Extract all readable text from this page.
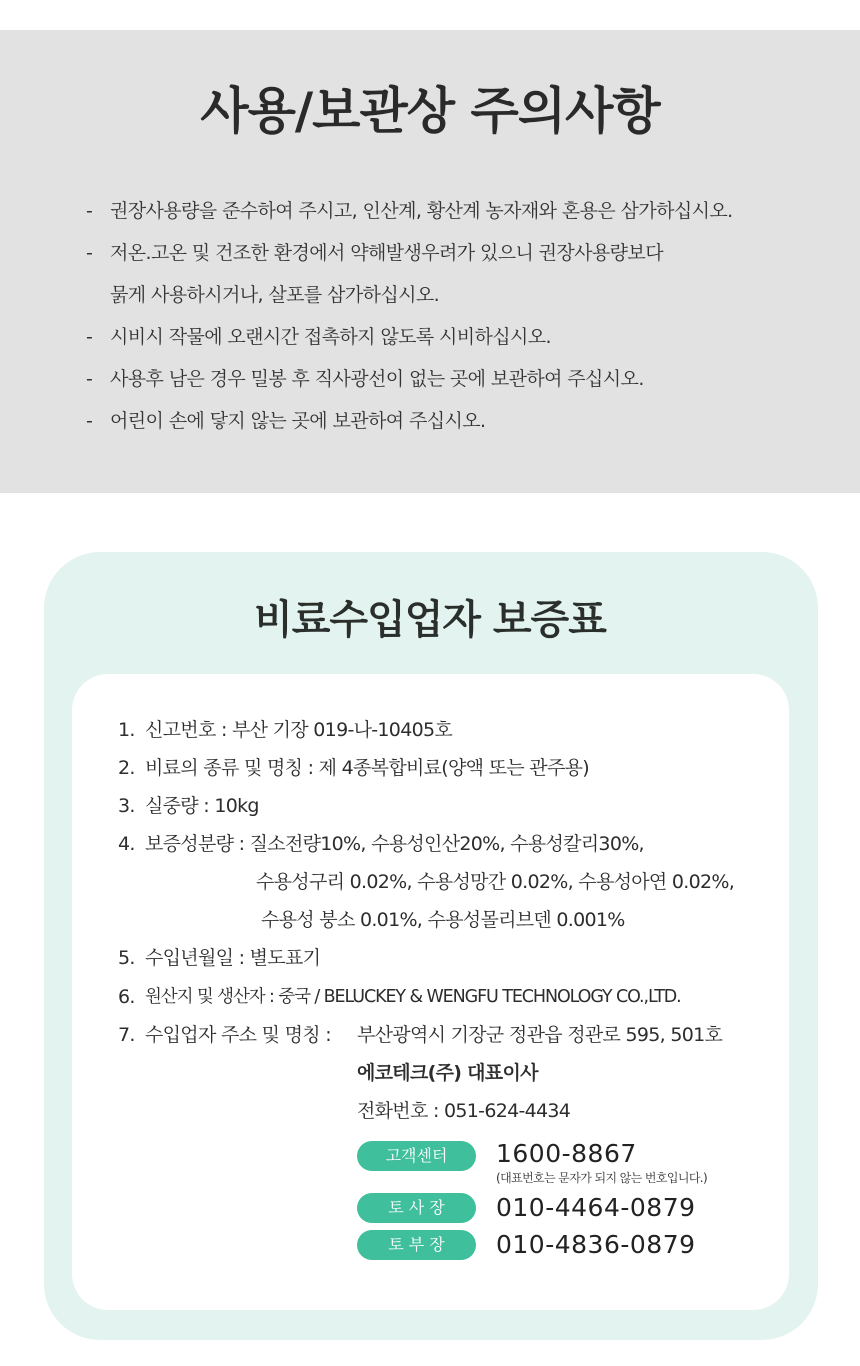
사용/보관상 주의사항
- 권장사용량을 준수하여 주시고, 인산계, 황산계 농자재와 혼용은 삼가하십시오.
- 저온.고온 및 건조한 환경에서 약해발생우려가 있으니 권장사용량보다
묽게 사용하시거나, 살포를 삼가하십시오.
- 시비시 작물에 오랜시간 접촉하지 않도록 시비하십시오.
- 사용후 남은 경우 밀봉 후 직사광선이 없는 곳에 보관하여 주십시오.
- 어린이 손에 닿지 않는 곳에 보관하여 주십시오.
비료수입업자 보증표
1. 신고번호 : 부산 기장 019-나-10405호
2. 비료의 종류 및 명칭 : 제 4종복합비료(양액 또는 관주용)
3. 실중량 : 10kg
4. 보증성분량 : 질소전량10%, 수용성인산20%, 수용성칼리30%,
수용성구리 0.02%, 수용성망간 0.02%, 수용성아연 0.02%,
수용성 붕소 0.01%, 수용성몰리브덴 0.001%
5. 수입년월일 : 별도표기
6. 원산지 및 생산자 : 중국 / BELUCKEY & WENGFU TECHNOLOGY CO.,LTD.
7. 수입업자 주소 및 명칭 : 부산광역시 기장군 정관읍 정관로 595, 501호
에코테크(주) 대표이사
전화번호 : 051-624-4434
고객센터	1600-8867
(대표번호는 문자가 되지 않는 번호입니다.)
토 사 장	010-4464-0879
토 부 장	010-4836-0879
